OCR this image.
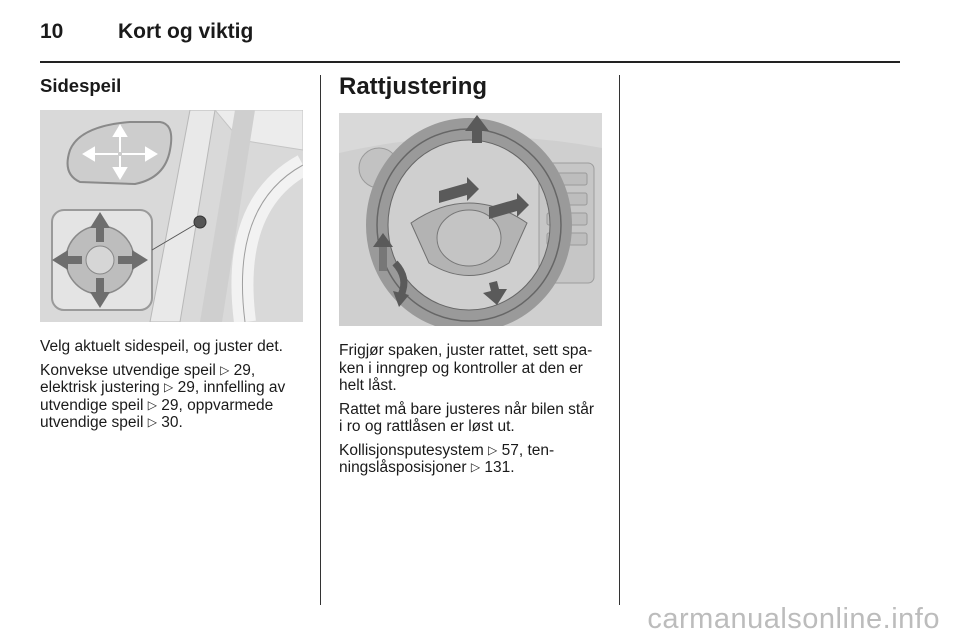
10	Kort og viktig
Sidespeil

Velg aktuelt sidespeil, og juster det.

Konvekse utvendige speil ▷ 29,
elektrisk justering ▷ 29, innfelling av
utvendige speil ▷ 29, oppvarmede
utvendige speil ▷ 30.

Rattjustering

Frigjør spaken, juster rattet, sett spa-
ken i inngrep og kontroller at den er
helt låst.

Rattet må bare justeres når bilen står
i ro og rattlåsen er løst ut.

Kollisjonsputesystem ▷ 57, ten-
ningslåsposisjoner ▷ 131.

carmanualsonline.info
